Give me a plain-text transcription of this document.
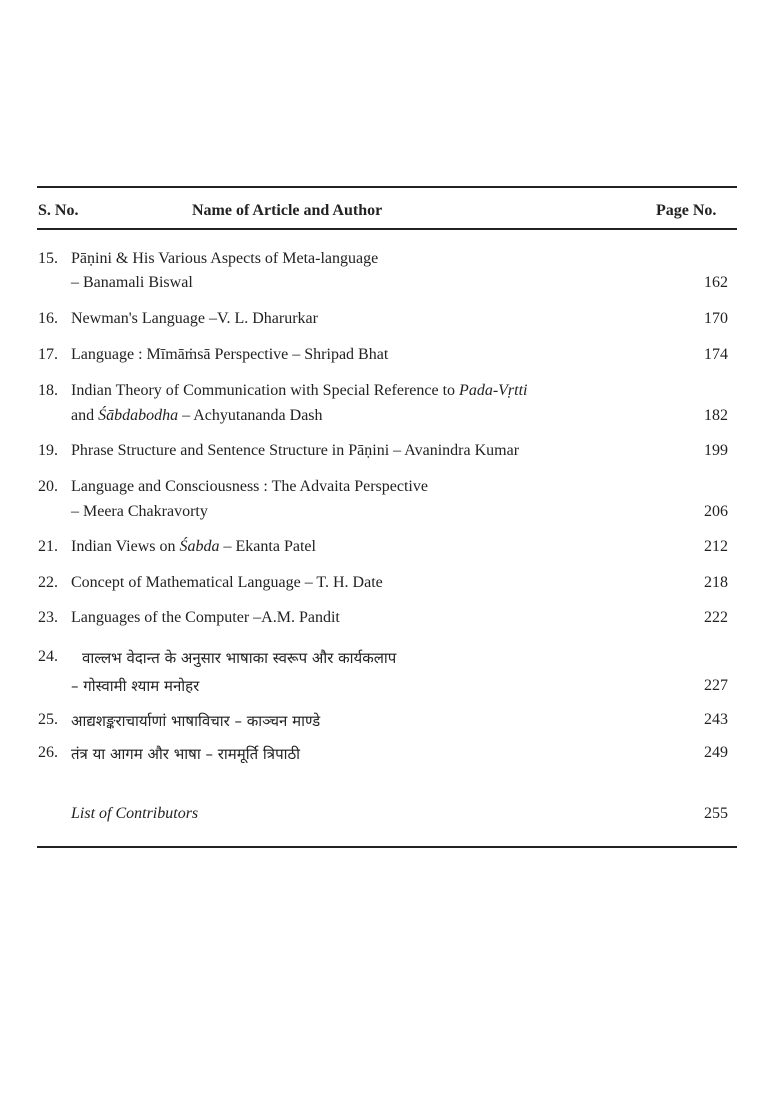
S. No.	Name of Article and Author	Page No.
15. Pāṇini & His Various Aspects of Meta-language
– Banamali Biswal	162
16. Newman's Language –V. L. Dharurkar	170
17. Language : Mīmāṁsā Perspective – Shripad Bhat	174
18. Indian Theory of Communication with Special Reference to Pada-Vṛtti
and Śābdabodha – Achyutananda Dash	182
19. Phrase Structure and Sentence Structure in Pāṇini – Avanindra Kumar	199
20. Language and Consciousness : The Advaita Perspective
– Meera Chakravorty	206
21. Indian Views on Śabda – Ekanta Patel	212
22. Concept of Mathematical Language – T. H. Date	218
23. Languages of the Computer –A.M. Pandit	222
24. वाल्लभ वेदान्त के अनुसार भाषाका स्वरूप और कार्यकलाप
– गोस्वामी श्याम मनोहर	227
25. आद्यशङ्कराचार्याणां भाषाविचार – काञ्चन माण्डे	243
26. तंत्र या आगम और भाषा – राममूर्ति त्रिपाठी	249
List of Contributors	255
